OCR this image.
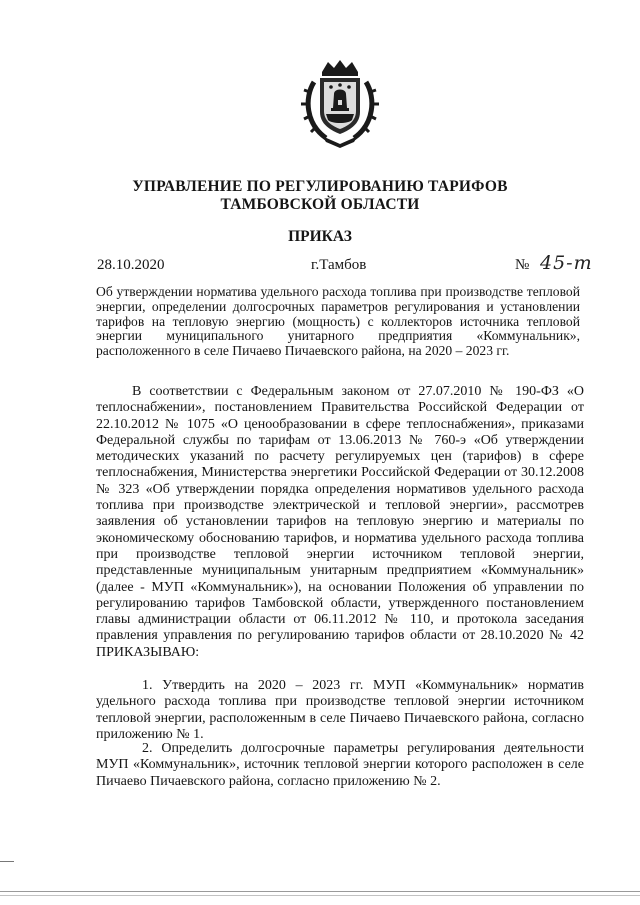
УПРАВЛЕНИЕ ПО РЕГУЛИРОВАНИЮ ТАРИФОВ
ТАМБОВСКОЙ ОБЛАСТИ
ПРИКАЗ
28.10.2020	г.Тамбов	№ 45-т
Об утверждении норматива удельного расхода топлива при производстве тепловой энергии, определении долгосрочных параметров регулирования и установлении тарифов на тепловую энергию (мощность) с коллекторов источника тепловой энергии муниципального унитарного предприятия «Коммунальник», расположенного в селе Пичаево Пичаевского района, на 2020 – 2023 гг.
В соответствии с Федеральным законом от 27.07.2010 № 190-ФЗ «О теплоснабжении», постановлением Правительства Российской Федерации от 22.10.2012 № 1075 «О ценообразовании в сфере теплоснабжения», приказами Федеральной службы по тарифам от 13.06.2013 № 760-э «Об утверждении методических указаний по расчету регулируемых цен (тарифов) в сфере теплоснабжения, Министерства энергетики Российской Федерации от 30.12.2008 № 323 «Об утверждении порядка определения нормативов удельного расхода топлива при производстве электрической и тепловой энергии», рассмотрев заявления об установлении тарифов на тепловую энергию и материалы по экономическому обоснованию тарифов, и норматива удельного расхода топлива при производстве тепловой энергии источником тепловой энергии, представленные муниципальным унитарным предприятием «Коммунальник» (далее - МУП «Коммунальник»), на основании Положения об управлении по регулированию тарифов Тамбовской области, утвержденного постановлением главы администрации области от 06.11.2012 № 110, и протокола заседания правления управления по регулированию тарифов области от 28.10.2020 № 42 ПРИКАЗЫВАЮ:
1. Утвердить на 2020 – 2023 гг. МУП «Коммунальник» норматив удельного расхода топлива при производстве тепловой энергии источником тепловой энергии, расположенным в селе Пичаево Пичаевского района, согласно приложению № 1.
2. Определить долгосрочные параметры регулирования деятельности МУП «Коммунальник», источник тепловой энергии которого расположен в селе Пичаево Пичаевского района, согласно приложению № 2.
